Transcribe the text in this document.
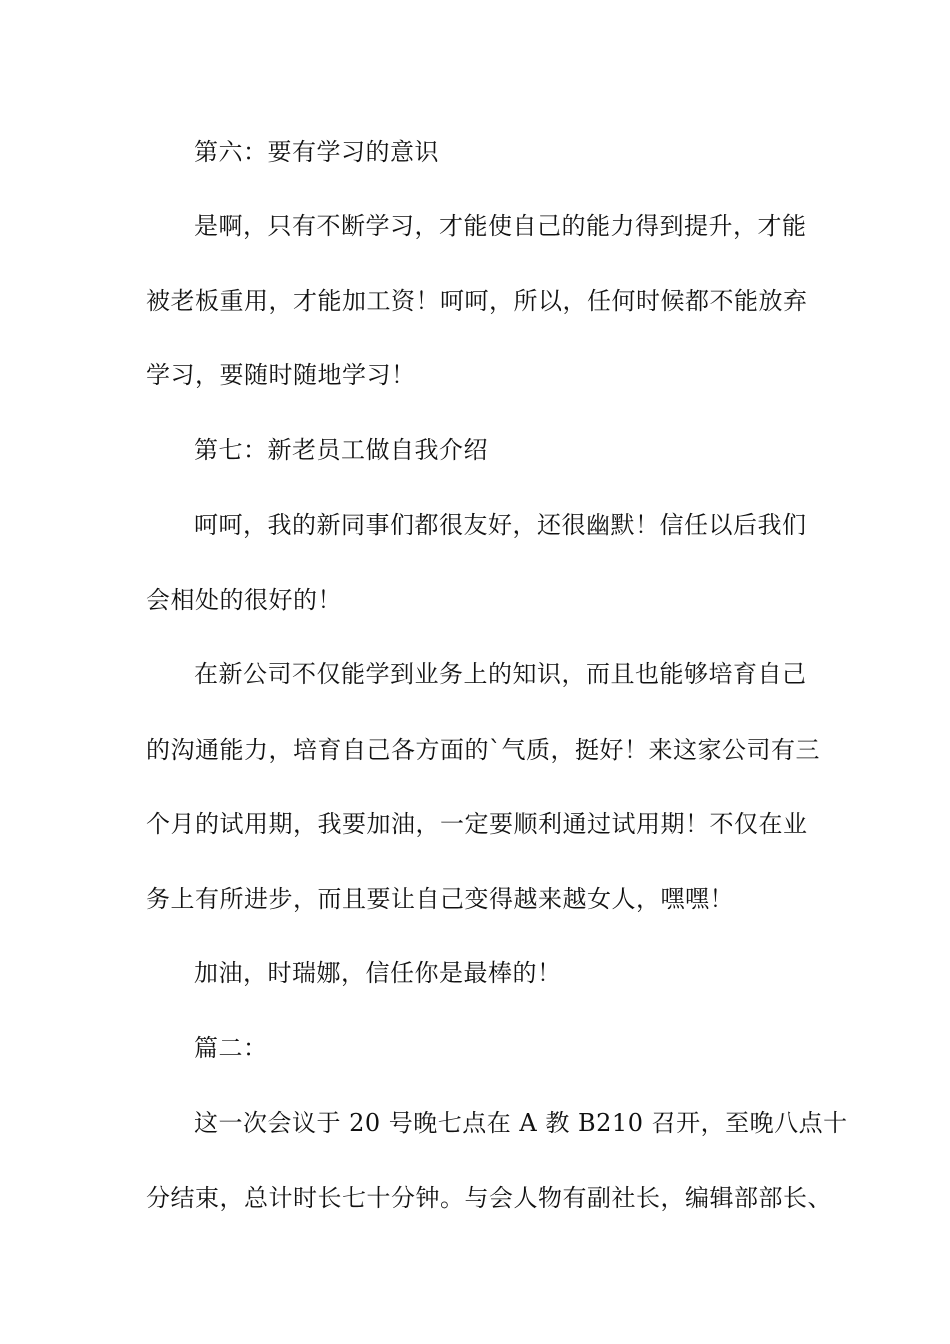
第六：要有学习的意识
是啊，只有不断学习，才能使自己的能力得到提升，才能
被老板重用，才能加工资！呵呵，所以，任何时候都不能放弃
学习，要随时随地学习！
第七：新老员工做自我介绍
呵呵，我的新同事们都很友好，还很幽默！信任以后我们
会相处的很好的！
在新公司不仅能学到业务上的知识，而且也能够培育自己
的沟通能力，培育自己各方面的`气质，挺好！来这家公司有三
个月的试用期，我要加油，一定要顺利通过试用期！不仅在业
务上有所进步，而且要让自己变得越来越女人，嘿嘿！
加油，时瑞娜，信任你是最棒的！
篇二：
这一次会议于 20 号晚七点在 A 教 B210 召开，至晚八点十
分结束，总计时长七十分钟。与会人物有副社长，编辑部部长、
